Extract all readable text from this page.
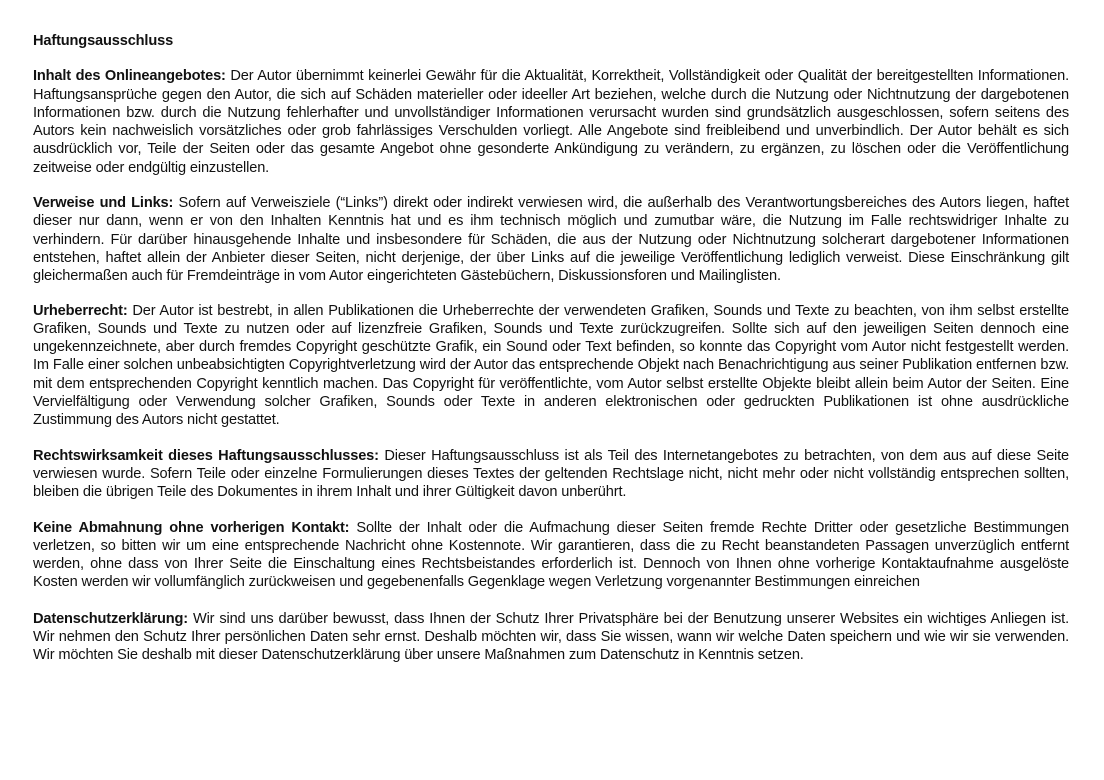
Haftungsausschluss

Inhalt des Onlineangebotes: Der Autor übernimmt keinerlei Gewähr für die Aktualität, Korrektheit, Vollständigkeit oder Qualität der bereitgestellten Informationen. Haftungsansprüche gegen den Autor, die sich auf Schäden materieller oder ideeller Art beziehen, welche durch die Nutzung oder Nichtnutzung der dargebotenen Informationen bzw. durch die Nutzung fehlerhafter und unvollständiger Informationen verursacht wurden sind grundsätzlich ausgeschlossen, sofern seitens des Autors kein nachweislich vorsätzliches oder grob fahrlässiges Verschulden vorliegt. Alle Angebote sind freibleibend und unverbindlich. Der Autor behält es sich ausdrücklich vor, Teile der Seiten oder das gesamte Angebot ohne gesonderte Ankündigung zu verändern, zu ergänzen, zu löschen oder die Veröffentlichung zeitweise oder endgültig einzustellen.

Verweise und Links: Sofern auf Verweisziele (“Links”) direkt oder indirekt verwiesen wird, die außerhalb des Verantwortungsbereiches des Autors liegen, haftet dieser nur dann, wenn er von den Inhalten Kenntnis hat und es ihm technisch möglich und zumutbar wäre, die Nutzung im Falle rechtswidriger Inhalte zu verhindern. Für darüber hinausgehende Inhalte und insbesondere für Schäden, die aus der Nutzung oder Nichtnutzung solcherart dargebotener Informationen entstehen, haftet allein der Anbieter dieser Seiten, nicht derjenige, der über Links auf die jeweilige Veröffentlichung lediglich verweist. Diese Einschränkung gilt gleichermaßen auch für Fremdeinträge in vom Autor eingerichteten Gästebüchern, Diskussionsforen und Mailinglisten.

Urheberrecht: Der Autor ist bestrebt, in allen Publikationen die Urheberrechte der verwendeten Grafiken, Sounds und Texte zu beachten, von ihm selbst erstellte Grafiken, Sounds und Texte zu nutzen oder auf lizenzfreie Grafiken, Sounds und Texte zurückzugreifen. Sollte sich auf den jeweiligen Seiten dennoch eine ungekennzeichnete, aber durch fremdes Copyright geschützte Grafik, ein Sound oder Text befinden, so konnte das Copyright vom Autor nicht festgestellt werden. Im Falle einer solchen unbeabsichtigten Copyrightverletzung wird der Autor das entsprechende Objekt nach Benachrichtigung aus seiner Publikation entfernen bzw. mit dem entsprechenden Copyright kenntlich machen. Das Copyright für veröffentlichte, vom Autor selbst erstellte Objekte bleibt allein beim Autor der Seiten. Eine Vervielfältigung oder Verwendung solcher Grafiken, Sounds oder Texte in anderen elektronischen oder gedruckten Publikationen ist ohne ausdrückliche Zustimmung des Autors nicht gestattet.

Rechtswirksamkeit dieses Haftungsausschlusses: Dieser Haftungsausschluss ist als Teil des Internetangebotes zu betrachten, von dem aus auf diese Seite verwiesen wurde. Sofern Teile oder einzelne Formulierungen dieses Textes der geltenden Rechtslage nicht, nicht mehr oder nicht vollständig entsprechen sollten, bleiben die übrigen Teile des Dokumentes in ihrem Inhalt und ihrer Gültigkeit davon unberührt.

Keine Abmahnung ohne vorherigen Kontakt: Sollte der Inhalt oder die Aufmachung dieser Seiten fremde Rechte Dritter oder gesetzliche Bestimmungen verletzen, so bitten wir um eine entsprechende Nachricht ohne Kostennote. Wir garantieren, dass die zu Recht beanstandeten Passagen unverzüglich entfernt werden, ohne dass von Ihrer Seite die Einschaltung eines Rechtsbeistandes erforderlich ist. Dennoch von Ihnen ohne vorherige Kontaktaufnahme ausgelöste Kosten werden wir vollumfänglich zurückweisen und gegebenenfalls Gegenklage wegen Verletzung vorgenannter Bestimmungen einreichen

Datenschutzerklärung: Wir sind uns darüber bewusst, dass Ihnen der Schutz Ihrer Privatsphäre bei der Benutzung unserer Websites ein wichtiges Anliegen ist. Wir nehmen den Schutz Ihrer persönlichen Daten sehr ernst. Deshalb möchten wir, dass Sie wissen, wann wir welche Daten speichern und wie wir sie verwenden. Wir möchten Sie deshalb mit dieser Datenschutzerklärung über unsere Maßnahmen zum Datenschutz in Kenntnis setzen.
